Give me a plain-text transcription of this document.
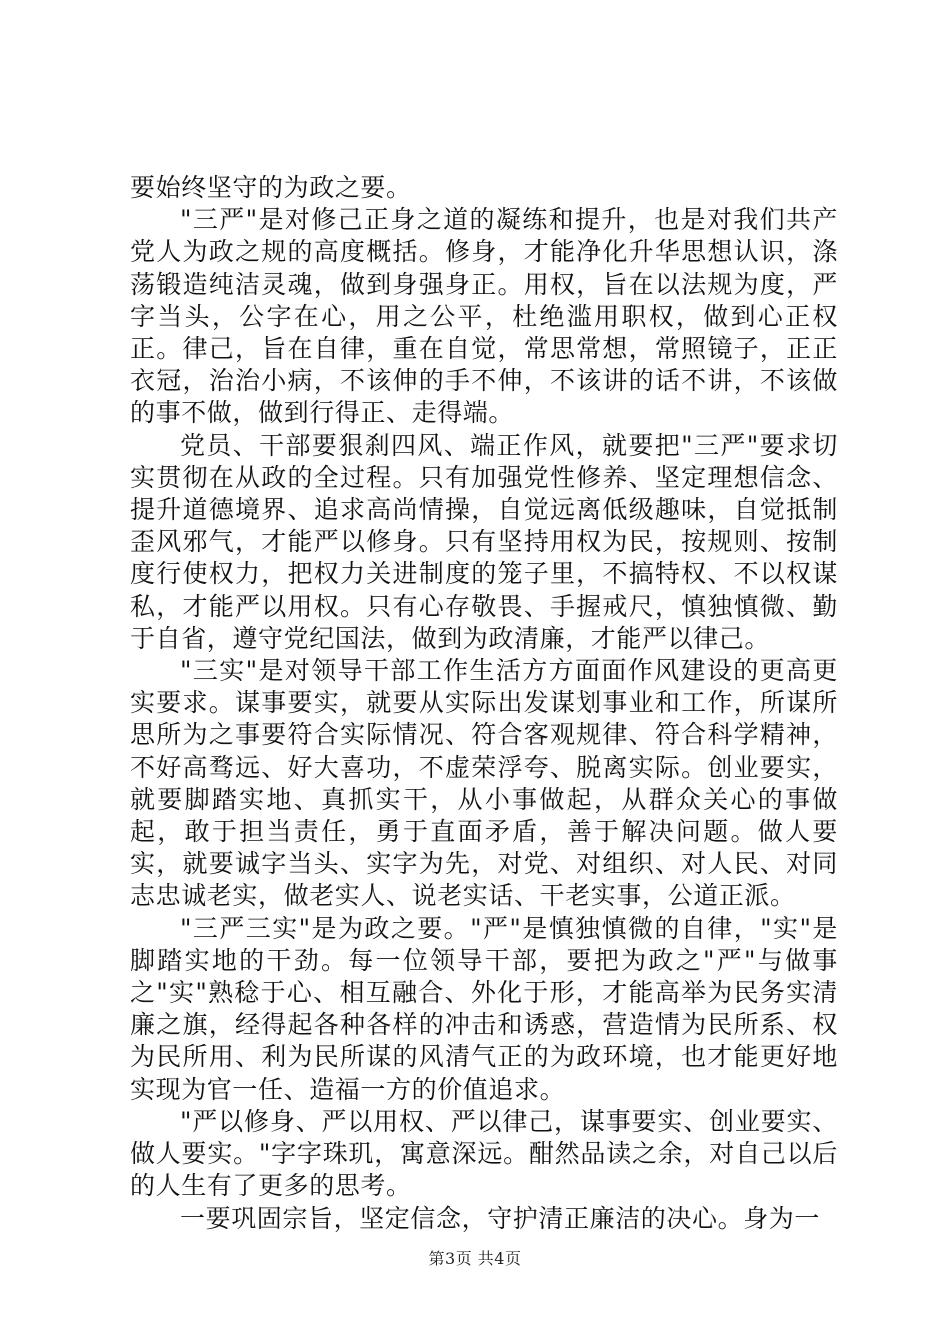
要始终坚守的为政之要。

"三严"是对修己正身之道的凝练和提升，也是对我们共产党人为政之规的高度概括。修身，才能净化升华思想认识，涤荡锻造纯洁灵魂，做到身强身正。用权，旨在以法规为度，严字当头，公字在心，用之公平，杜绝滥用职权，做到心正权正。律己，旨在自律，重在自觉，常思常想，常照镜子，正正衣冠，治治小病，不该伸的手不伸，不该讲的话不讲，不该做的事不做，做到行得正、走得端。

党员、干部要狠刹四风、端正作风，就要把"三严"要求切实贯彻在从政的全过程。只有加强党性修养、坚定理想信念、提升道德境界、追求高尚情操，自觉远离低级趣味，自觉抵制歪风邪气，才能严以修身。只有坚持用权为民，按规则、按制度行使权力，把权力关进制度的笼子里，不搞特权、不以权谋私，才能严以用权。只有心存敬畏、手握戒尺，慎独慎微、勤于自省，遵守党纪国法，做到为政清廉，才能严以律己。

"三实"是对领导干部工作生活方方面面作风建设的更高更实要求。谋事要实，就要从实际出发谋划事业和工作，所谋所思所为之事要符合实际情况、符合客观规律、符合科学精神，不好高骛远、好大喜功，不虚荣浮夸、脱离实际。创业要实，就要脚踏实地、真抓实干，从小事做起，从群众关心的事做起，敢于担当责任，勇于直面矛盾，善于解决问题。做人要实，就要诚字当头、实字为先，对党、对组织、对人民、对同志忠诚老实，做老实人、说老实话、干老实事，公道正派。

"三严三实"是为政之要。"严"是慎独慎微的自律，"实"是脚踏实地的干劲。每一位领导干部，要把为政之"严"与做事之"实"熟稔于心、相互融合、外化于形，才能高举为民务实清廉之旗，经得起各种各样的冲击和诱惑，营造情为民所系、权为民所用、利为民所谋的风清气正的为政环境，也才能更好地实现为官一任、造福一方的价值追求。

"严以修身、严以用权、严以律己，谋事要实、创业要实、做人要实。"字字珠玑，寓意深远。酣然品读之余，对自己以后的人生有了更多的思考。

一要巩固宗旨，坚定信念，守护清正廉洁的决心。身为一

第3页 共4页
